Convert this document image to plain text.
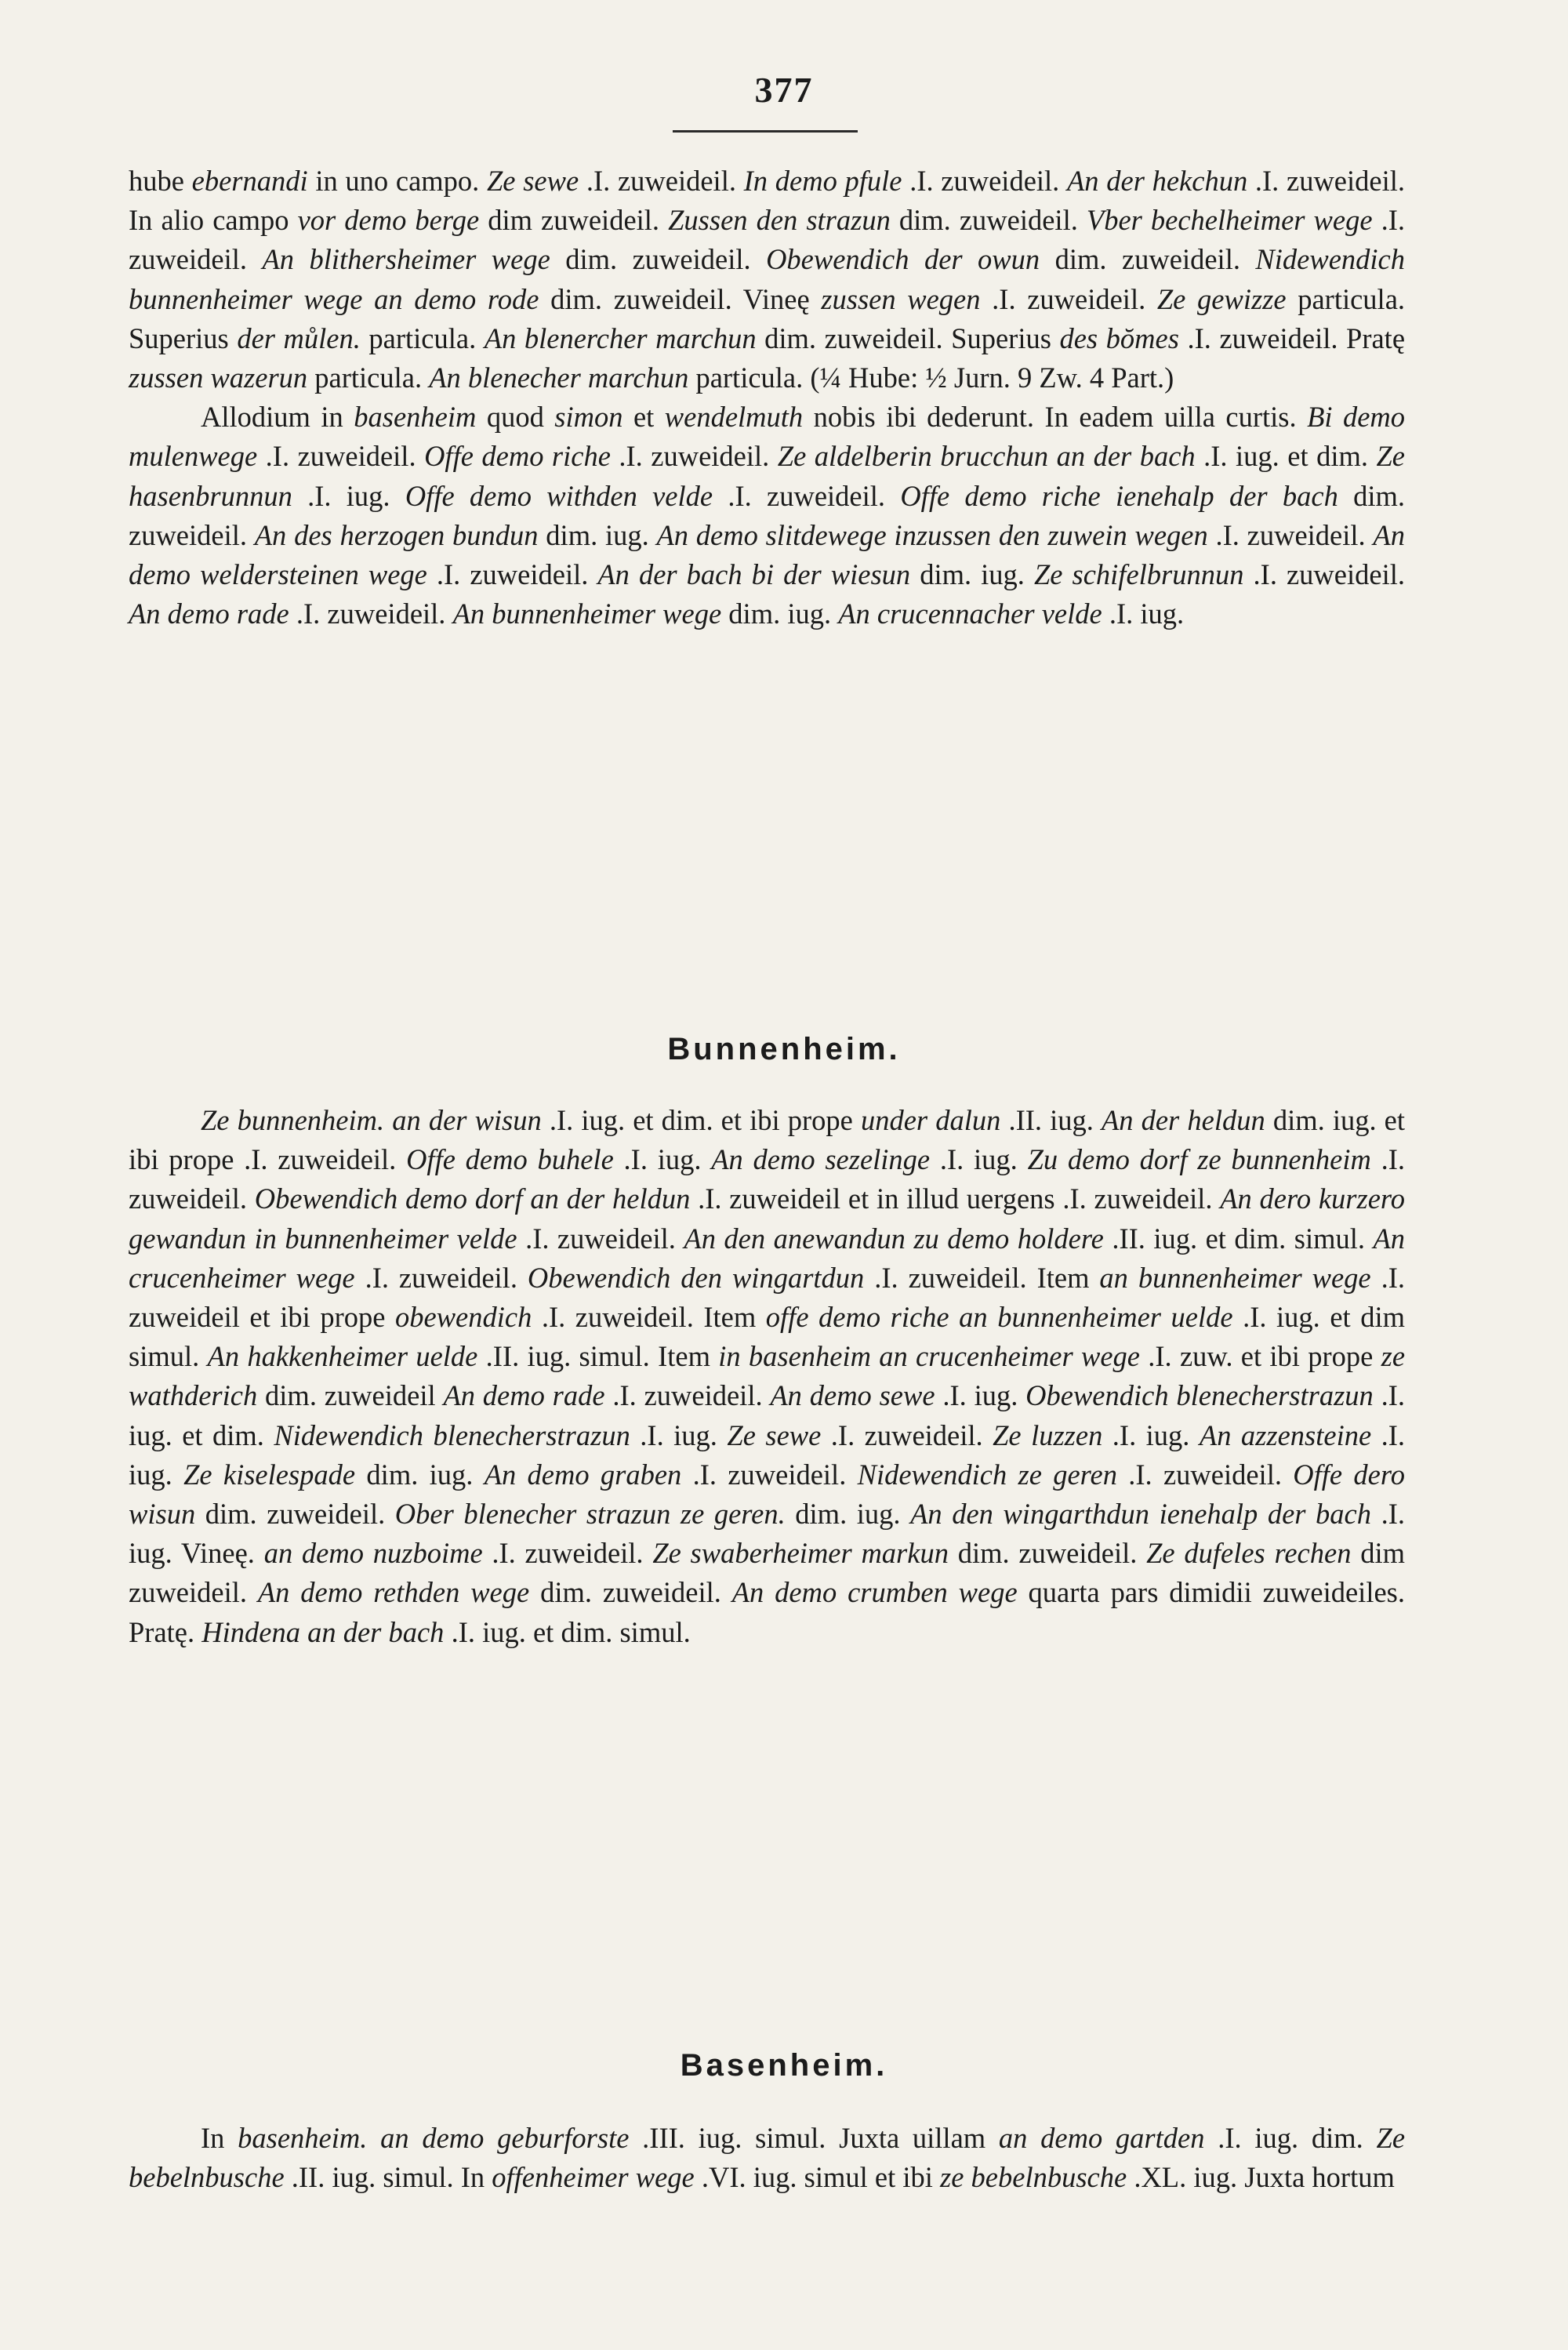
377

hube ebernandi in uno campo. Ze sewe .I. zuweideil. In demo pfule .I. zuweideil. An der hekchun .I. zuweideil. In alio campo vor demo berge dim zuweideil. Zussen den strazun dim. zuweideil. Vber bechelheimer wege .I. zuweideil. An blithersheimer wege dim. zuweideil. Obewendich der owun dim. zuweideil. Nidewendich bunnenheimer wege an demo rode dim. zuweideil. Vineę zussen wegen .I. zuweideil. Ze gewizze particula. Superius der můlen. particula. An blenercher marchun dim. zuweideil. Superius des bŏmes .I. zuweideil. Pratę zussen wazerun particula. An blenecher marchun particula. (¼ Hube: ½ Jurn. 9 Zw. 4 Part.)

Allodium in basenheim quod simon et wendelmuth nobis ibi dederunt. In eadem uilla curtis. Bi demo mulenwege .I. zuweideil. Offe demo riche .I. zuweideil. Ze aldelberin brucchun an der bach .I. iug. et dim. Ze hasenbrunnun .I. iug. Offe demo withden velde .I. zuweideil. Offe demo riche ienehalp der bach dim. zuweideil. An des herzogen bundun dim. iug. An demo slitdewege inzussen den zuwein wegen .I. zuweideil. An demo weldersteinen wege .I. zuweideil. An der bach bi der wiesun dim. iug. Ze schifelbrunnun .I. zuweideil. An demo rade .I. zuweideil. An bunnenheimer wege dim. iug. An crucennacher velde .I. iug.

Bunnenheim.

Ze bunnenheim. an der wisun .I. iug. et dim. et ibi prope under dalun .II. iug. An der heldun dim. iug. et ibi prope .I. zuweideil. Offe demo buhele .I. iug. An demo sezelinge .I. iug. Zu demo dorf ze bunnenheim .I. zuweideil. Obewendich demo dorf an der heldun .I. zuweideil et in illud uergens .I. zuweideil. An dero kurzero gewandun in bunnenheimer velde .I. zuweideil. An den anewandun zu demo holdere .II. iug. et dim. simul. An crucenheimer wege .I. zuweideil. Obewendich den wingartdun .I. zuweideil. Item an bunnenheimer wege .I. zuweideil et ibi prope obewendich .I. zuweideil. Item offe demo riche an bunnenheimer uelde .I. iug. et dim simul. An hakkenheimer uelde .II. iug. simul. Item in basenheim an crucenheimer wege .I. zuw. et ibi prope ze wathderich dim. zuweideil An demo rade .I. zuweideil. An demo sewe .I. iug. Obewendich blenecherstrazun .I. iug. et dim. Nidewendich blenecherstrazun .I. iug. Ze sewe .I. zuweideil. Ze luzzen .I. iug. An azzensteine .I. iug. Ze kiselespade dim. iug. An demo graben .I. zuweideil. Nidewendich ze geren .I. zuweideil. Offe dero wisun dim. zuweideil. Ober blenecher strazun ze geren. dim. iug. An den wingarthdun ienehalp der bach .I. iug. Vineę. an demo nuzboime .I. zuweideil. Ze swaberheimer markun dim. zuweideil. Ze dufeles rechen dim zuweideil. An demo rethden wege dim. zuweideil. An demo crumben wege quarta pars dimidii zuweideiles. Pratę. Hindena an der bach .I. iug. et dim. simul.

Basenheim.

In basenheim. an demo geburforste .III. iug. simul. Juxta uillam an demo gartden .I. iug. dim. Ze bebelnbusche .II. iug. simul. In offenheimer wege .VI. iug. simul et ibi ze bebelnbusche .XL. iug. Juxta hortum
